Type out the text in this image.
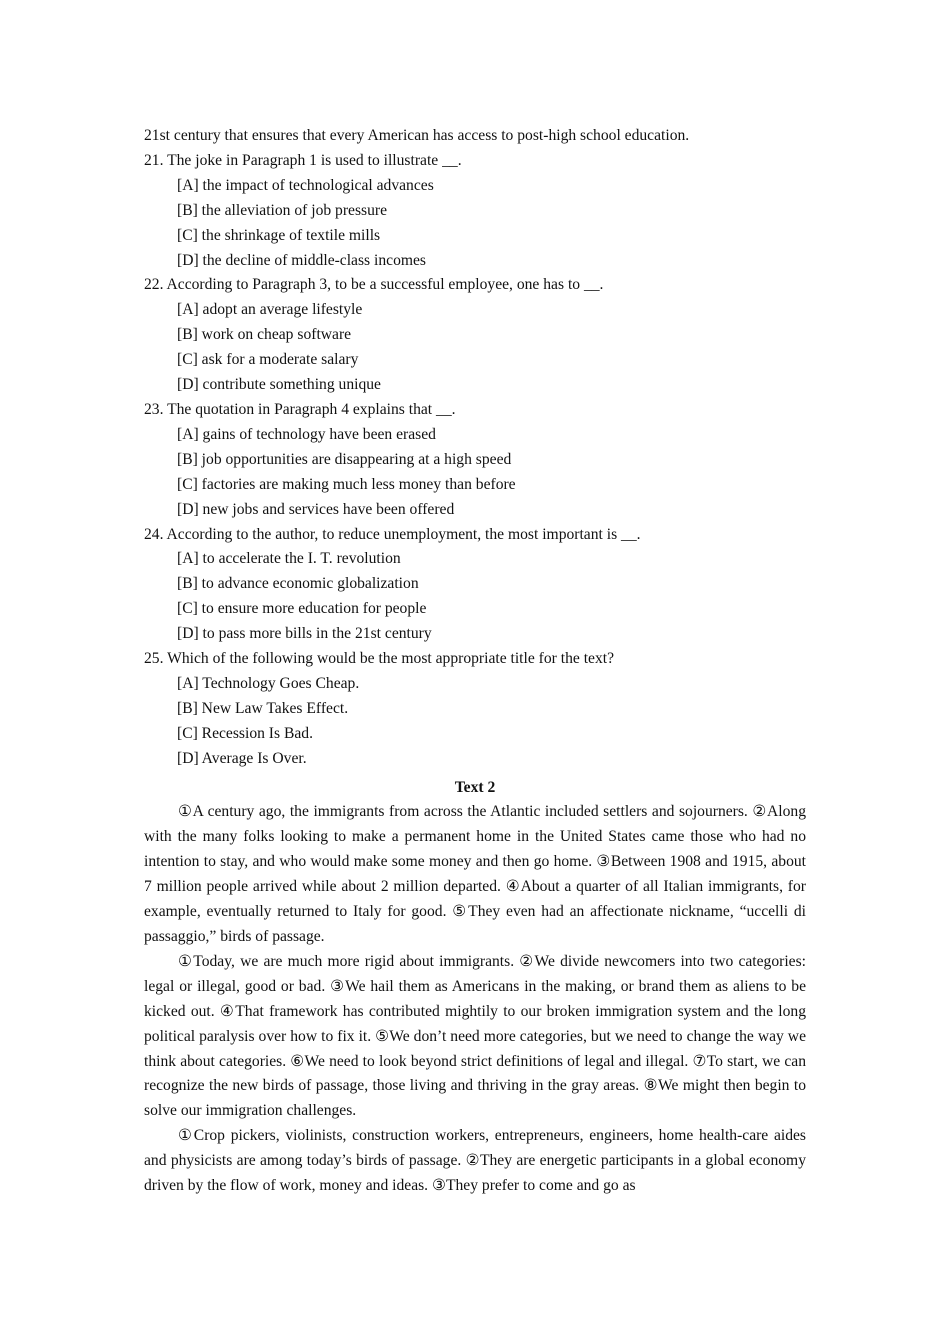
21st century that ensures that every American has access to post-high school education.
21. The joke in Paragraph 1 is used to illustrate __.
[A] the impact of technological advances
[B] the alleviation of job pressure
[C] the shrinkage of textile mills
[D] the decline of middle-class incomes
22. According to Paragraph 3, to be a successful employee, one has to __.
[A] adopt an average lifestyle
[B] work on cheap software
[C] ask for a moderate salary
[D] contribute something unique
23. The quotation in Paragraph 4 explains that __.
[A] gains of technology have been erased
[B] job opportunities are disappearing at a high speed
[C] factories are making much less money than before
[D] new jobs and services have been offered
24. According to the author, to reduce unemployment, the most important is __.
[A] to accelerate the I. T. revolution
[B] to advance economic globalization
[C] to ensure more education for people
[D] to pass more bills in the 21st century
25. Which of the following would be the most appropriate title for the text?
[A] Technology Goes Cheap.
[B] New Law Takes Effect.
[C] Recession Is Bad.
[D] Average Is Over.
Text 2

①A century ago, the immigrants from across the Atlantic included settlers and sojourners. ②Along with the many folks looking to make a permanent home in the United States came those who had no intention to stay, and who would make some money and then go home. ③Between 1908 and 1915, about 7 million people arrived while about 2 million departed. ④About a quarter of all Italian immigrants, for example, eventually returned to Italy for good. ⑤They even had an affectionate nickname, “uccelli di passaggio,” birds of passage.

①Today, we are much more rigid about immigrants. ②We divide newcomers into two categories: legal or illegal, good or bad. ③We hail them as Americans in the making, or brand them as aliens to be kicked out. ④That framework has contributed mightily to our broken immigration system and the long political paralysis over how to fix it. ⑤We don’t need more categories, but we need to change the way we think about categories. ⑥We need to look beyond strict definitions of legal and illegal. ⑦To start, we can recognize the new birds of passage, those living and thriving in the gray areas. ⑧We might then begin to solve our immigration challenges.

①Crop pickers, violinists, construction workers, entrepreneurs, engineers, home health-care aides and physicists are among today’s birds of passage. ②They are energetic participants in a global economy driven by the flow of work, money and ideas. ③They prefer to come and go as
